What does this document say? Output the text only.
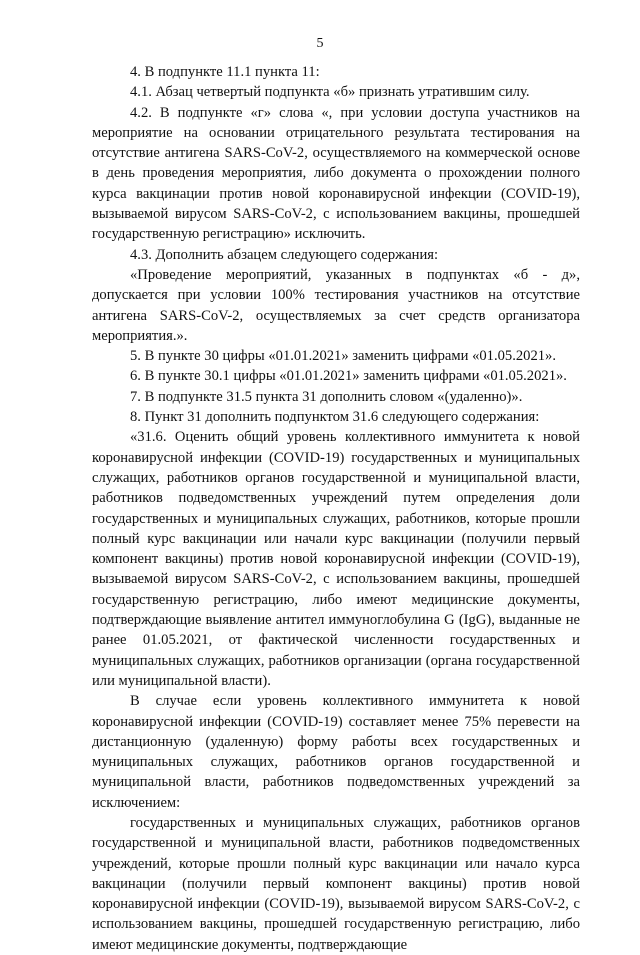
5

4. В подпункте 11.1 пункта 11:

4.1. Абзац четвертый подпункта «б» признать утратившим силу.

4.2. В подпункте «г» слова «, при условии доступа участников на мероприятие на основании отрицательного результата тестирования на отсутствие антигена SARS-CoV-2, осуществляемого на коммерческой основе в день проведения мероприятия, либо документа о прохождении полного курса вакцинации против новой коронавирусной инфекции (COVID-19), вызываемой вирусом SARS-CoV-2, с использованием вакцины, прошедшей государственную регистрацию» исключить.

4.3. Дополнить абзацем следующего содержания:

«Проведение мероприятий, указанных в подпунктах «б - д», допускается при условии 100% тестирования участников на отсутствие антигена SARS-CoV-2, осуществляемых за счет средств организатора мероприятия.».

5. В пункте 30 цифры «01.01.2021» заменить цифрами «01.05.2021».

6. В пункте 30.1 цифры «01.01.2021» заменить цифрами «01.05.2021».

7. В подпункте 31.5 пункта 31 дополнить словом «(удаленно)».

8. Пункт 31 дополнить подпунктом 31.6 следующего содержания:

«31.6. Оценить общий уровень коллективного иммунитета к новой коронавирусной инфекции (COVID-19) государственных и муниципальных служащих, работников органов государственной и муниципальной власти, работников подведомственных учреждений путем определения доли государственных и муниципальных служащих, работников, которые прошли полный курс вакцинации или начали курс вакцинации (получили первый компонент вакцины) против новой коронавирусной инфекции (COVID-19), вызываемой вирусом SARS-CoV-2, с использованием вакцины, прошедшей государственную регистрацию, либо имеют медицинские документы, подтверждающие выявление антител иммуноглобулина G (IgG), выданные не ранее 01.05.2021, от фактической численности государственных и муниципальных служащих, работников организации (органа государственной или муниципальной власти).

В случае если уровень коллективного иммунитета к новой коронавирусной инфекции (COVID-19) составляет менее 75% перевести на дистанционную (удаленную) форму работы всех государственных и муниципальных служащих, работников органов государственной и муниципальной власти, работников подведомственных учреждений за исключением:

государственных и муниципальных служащих, работников органов государственной и муниципальной власти, работников подведомственных учреждений, которые прошли полный курс вакцинации или начало курса вакцинации (получили первый компонент вакцины) против новой коронавирусной инфекции (COVID-19), вызываемой вирусом SARS-CoV-2, с использованием вакцины, прошедшей государственную регистрацию, либо имеют медицинские документы, подтверждающие
